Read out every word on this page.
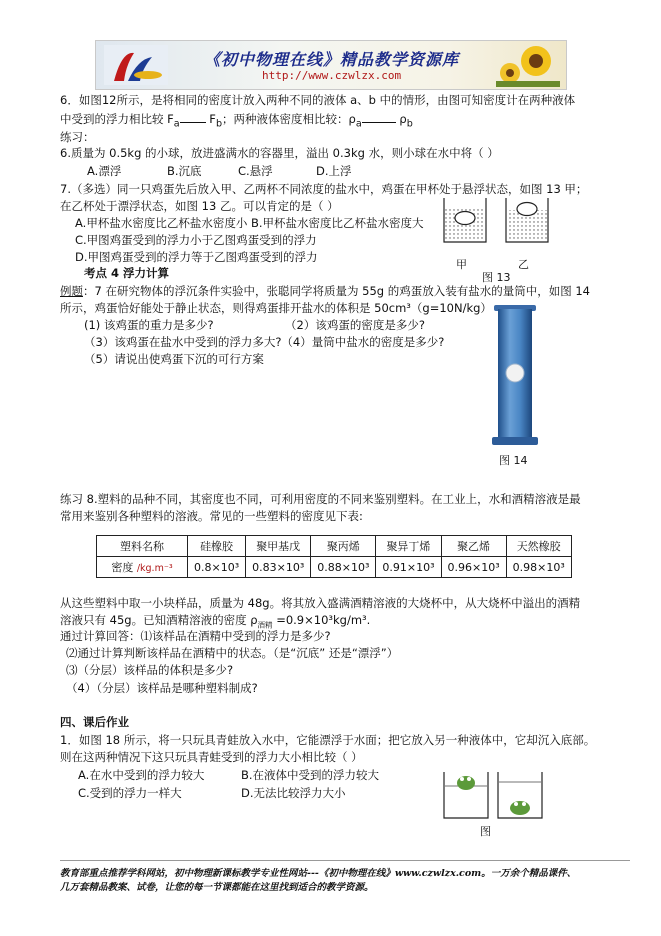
《初中物理在线》精品教学资源库
http://www.czwlzx.com
6．如图12所示，是将相同的密度计放入两种不同的液体 a、b 中的情形，由图可知密度计在两种液体
中受到的浮力相比较 $F_a$ $F_b$；两种液体密度相比较：$\rho_a$	$\rho_b$
练习：
6.质量为 0.5kg 的小球，放进盛满水的容器里，溢出 0.3kg 水，则小球在水中将（ ）
A.漂浮	B.沉底	C.悬浮	D.上浮
7.（多选）同一只鸡蛋先后放入甲、乙两杯不同浓度的盐水中，鸡蛋在甲杯处于悬浮状态，如图 13 甲；
在乙杯处于漂浮状态，如图 13 乙。可以肯定的是（ ）
A.甲杯盐水密度比乙杯盐水密度小 B.甲杯盐水密度比乙杯盐水密度大
C.甲图鸡蛋受到的浮力小于乙图鸡蛋受到的浮力
D.甲图鸡蛋受到的浮力等于乙图鸡蛋受到的浮力
甲	乙
图 13
考点 4 浮力计算
例题：7 在研究物体的浮沉条件实验中，张聪同学将质量为 55g 的鸡蛋放入装有盐水的量筒中，如图 14
所示，鸡蛋恰好能处于静止状态，则得鸡蛋排开盐水的体积是 50cm³（g=10N/kg）
(1) 该鸡蛋的重力是多少?	（2）该鸡蛋的密度是多少?
（3）该鸡蛋在盐水中受到的浮力多大?（4）量筒中盐水的密度是多少?
（5）请说出使鸡蛋下沉的可行方案
图 14
练习 8.塑料的品种不同，其密度也不同，可利用密度的不同来鉴别塑料。在工业上，水和酒精溶液是最
常用来鉴别各种塑料的溶液。常见的一些塑料的密度见下表:
塑料名称	硅橡胶	聚甲基戊	聚丙烯	聚异丁烯	聚乙烯	天然橡胶
密度 /kg.m⁻³	0.8×10³	0.83×10³	0.88×10³	0.91×10³	0.96×10³	0.98×10³
从这些塑料中取一小块样品，质量为 48g。将其放入盛满酒精溶液的大烧杯中，从大烧杯中溢出的酒精
溶液只有 45g。已知酒精溶液的密度 $\rho_{酒精} =0.9\times 10^3kg/m^3$.
通过计算回答：⑴该样品在酒精中受到的浮力是多少?
⑵通过计算判断该样品在酒精中的状态。（是“沉底” 还是“漂浮”）
⑶（分层）该样品的体积是多少?
（4）（分层）该样品是哪种塑料制成?
四、课后作业
1．如图 18 所示，将一只玩具青蛙放入水中，它能漂浮于水面；把它放入另一种液体中，它却沉入底部。
则在这两种情况下这只玩具青蛙受到的浮力大小相比较（ ）
A.在水中受到的浮力较大	B.在液体中受到的浮力较大
C.受到的浮力一样大	D.无法比较浮力大小
图
教育部重点推荐学科网站，初中物理新课标教学专业性网站---《初中物理在线》www.czwlzx.com。一万余个精品课件、
几万套精品教案、试卷，让您的每一节课都能在这里找到适合的教学资源。
